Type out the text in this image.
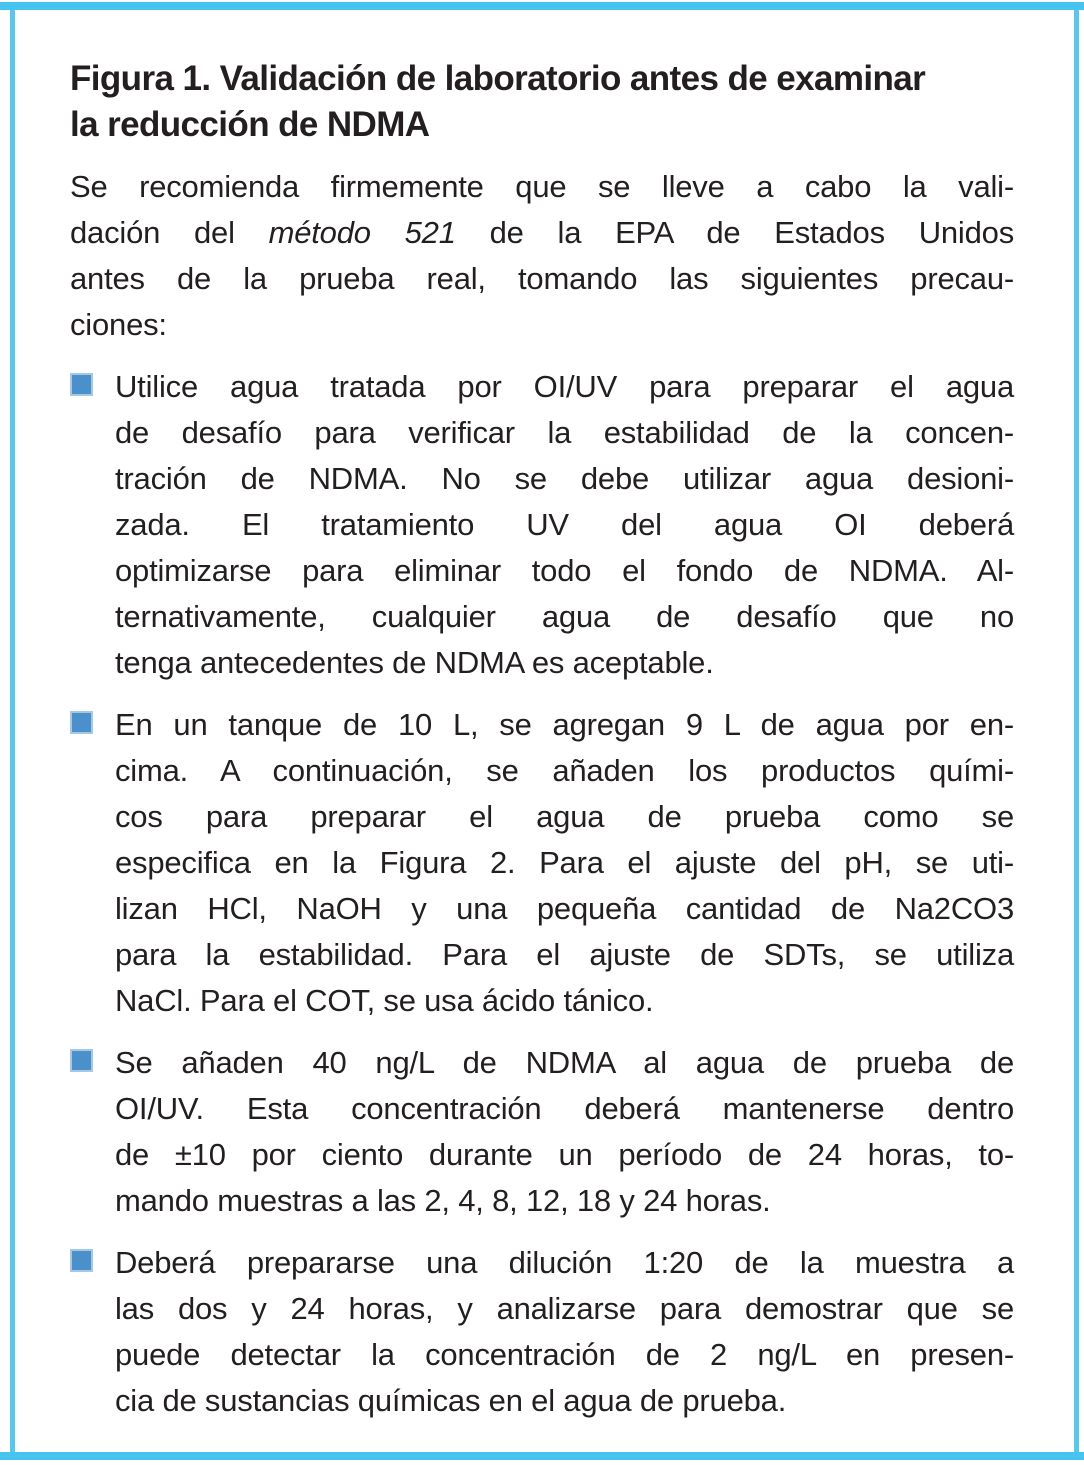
Figura 1. Validación de laboratorio antes de examinar
la reducción de NDMA
Se recomienda firmemente que se lleve a cabo la vali-
dación del método 521 de la EPA de Estados Unidos
antes de la prueba real, tomando las siguientes precau-
ciones:
Utilice agua tratada por OI/UV para preparar el agua
de desafío para verificar la estabilidad de la concen-
tración de NDMA. No se debe utilizar agua desioni-
zada. El tratamiento UV del agua OI deberá
optimizarse para eliminar todo el fondo de NDMA. Al-
ternativamente, cualquier agua de desafío que no
tenga antecedentes de NDMA es aceptable.
En un tanque de 10 L, se agregan 9 L de agua por en-
cima. A continuación, se añaden los productos quími-
cos para preparar el agua de prueba como se
especifica en la Figura 2. Para el ajuste del pH, se uti-
lizan HCl, NaOH y una pequeña cantidad de Na2CO3
para la estabilidad. Para el ajuste de SDTs, se utiliza
NaCl. Para el COT, se usa ácido tánico.
Se añaden 40 ng/L de NDMA al agua de prueba de
OI/UV. Esta concentración deberá mantenerse dentro
de ±10 por ciento durante un período de 24 horas, to-
mando muestras a las 2, 4, 8, 12, 18 y 24 horas.
Deberá prepararse una dilución 1:20 de la muestra a
las dos y 24 horas, y analizarse para demostrar que se
puede detectar la concentración de 2 ng/L en presen-
cia de sustancias químicas en el agua de prueba.
